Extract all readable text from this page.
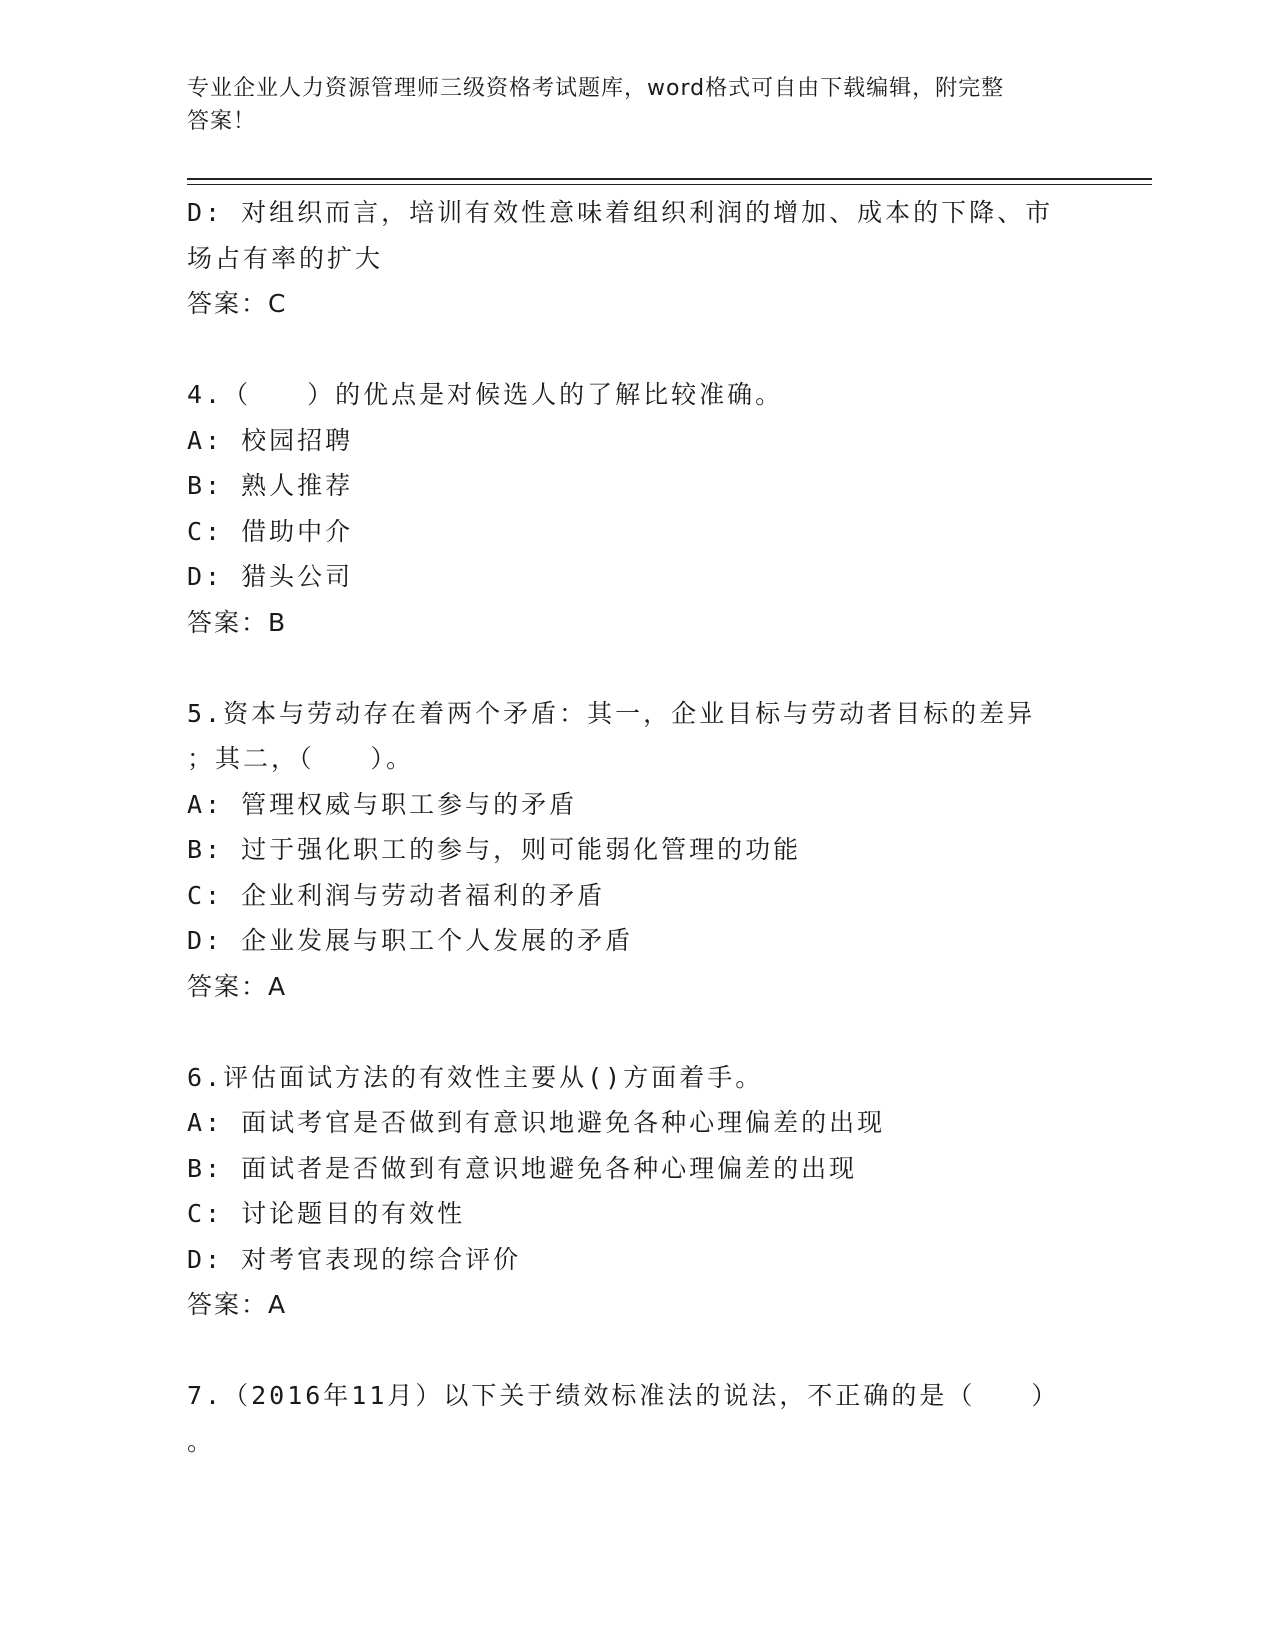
专业企业人力资源管理师三级资格考试题库，word格式可自由下载编辑，附完整
答案！
D: 对组织而言，培训有效性意味着组织利润的增加、成本的下降、市
场占有率的扩大
答案：C
4.（　　）的优点是对候选人的了解比较准确。
A: 校园招聘
B: 熟人推荐
C: 借助中介
D: 猎头公司
答案：B
5.资本与劳动存在着两个矛盾：其一，企业目标与劳动者目标的差异
；其二，（　　）。
A: 管理权威与职工参与的矛盾
B: 过于强化职工的参与，则可能弱化管理的功能
C: 企业利润与劳动者福利的矛盾
D: 企业发展与职工个人发展的矛盾
答案：A
6.评估面试方法的有效性主要从()方面着手。
A: 面试考官是否做到有意识地避免各种心理偏差的出现
B: 面试者是否做到有意识地避免各种心理偏差的出现
C: 讨论题目的有效性
D: 对考官表现的综合评价
答案：A
7.（2016年11月）以下关于绩效标准法的说法，不正确的是（　　）
。
